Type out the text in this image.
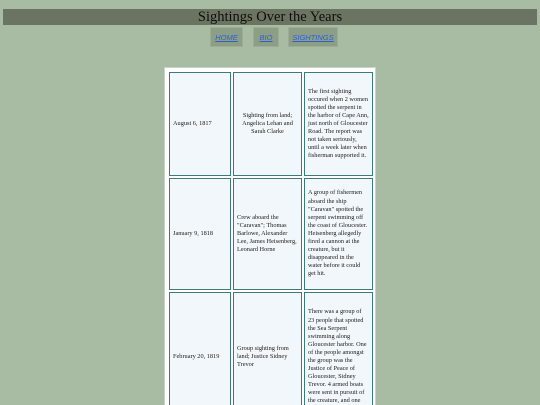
Sightings Over the Years
HOME	BIO	SIGHTINGS
August 6, 1817	Sighting from land; Angelica Lehan and Sarah Clarke	The first sighting occured when 2 women spotted the serpent in the harbor of Cape Ann, just north of Gloucester Road. The report was not taken seriously, until a week later when fisherman supported it.
January 9, 1818	Crew aboard the "Caravan"; Thomas Barlowe, Alexander Lee, James Heisenberg, Leonard Horne	A group of fishermen aboard the ship "Caravan" spotted the serpent swimming off the coast of Gloucester. Heisenberg allegedly fired a cannon at the creature, but it disappeared in the water before it could get hit.
February 20, 1819	Group sighting from land; Justice Sidney Trevor	There was a group of 23 people that spotted the Sea Serpent swimming along Gloucester harbor. One of the people amongst the group was the Justice of Peace of Gloucester, Sidney Trevor. 4 armed boats were sent in pursuit of the creature, and one
